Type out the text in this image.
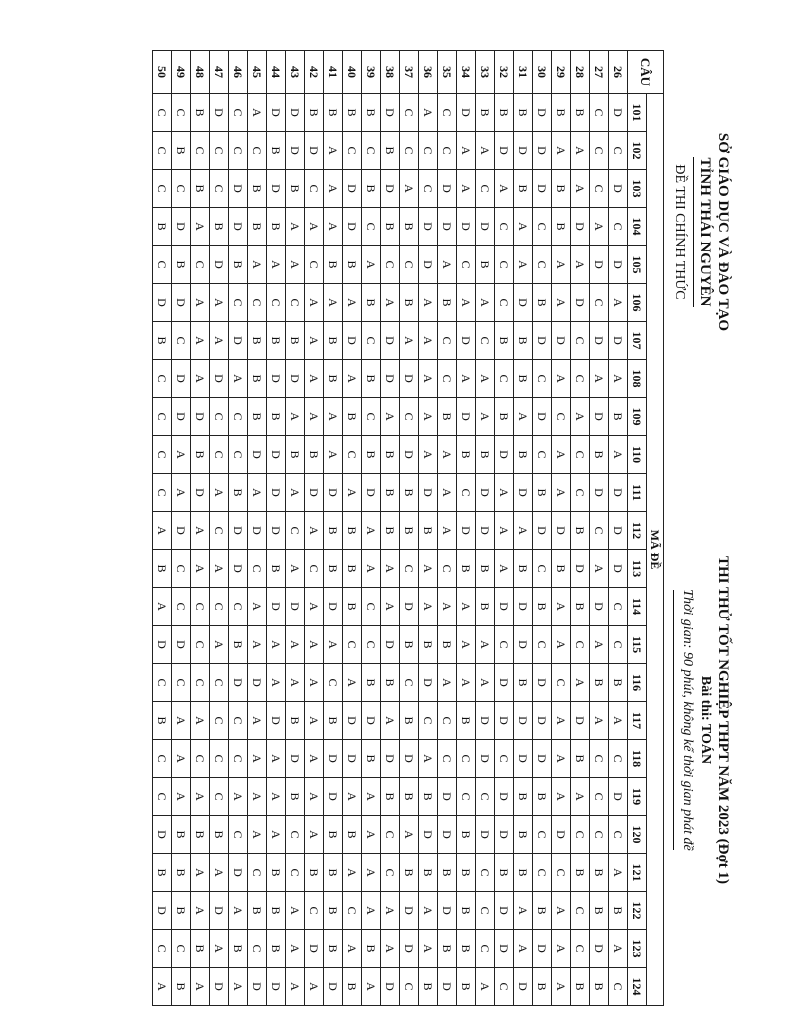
SỞ GIÁO DỤC VÀ ĐÀO TẠO
TỈNH THÁI NGUYÊN
ĐỀ THI CHÍNH THỨC
THI THỬ TỐT NGHIỆP THPT NĂM 2023 (Đợt 1)
Bài thi: TOÁN
Thời gian: 90 phút, không kể thời gian phát đề
CÂU	MÃ ĐỀ																							
	101	102	103	104	105	106	107	108	109	110	111	112	113	114	115	116	117	118	119	120	121	122	123	124
26	D	C	D	C	D	A	D	A	B	A	D	D	D	C	C	B	A	C	D	C	A	B	A	C
27	C	C	C	A	D	C	D	A	D	B	D	C	A	D	A	B	A	C	C	C	B	B	D	B
28	B	A	A	D	A	D	C	C	A	C	C	B	D	B	C	A	D	B	A	C	B	C	C	B
29	B	A	B	B	A	A	D	A	C	A	A	D	B	A	A	C	A	A	A	D	C	A	A	A
30	D	D	D	C	C	B	D	C	D	C	B	D	C	B	C	D	D	D	B	C	C	B	D	B
31	B	D	B	A	A	D	B	B	A	B	D	A	B	D	D	B	D	D	B	B	B	A	A	D
32	B	D	A	C	C	C	B	C	B	D	A	A	A	D	C	D	D	C	D	D	B	D	D	C
33	B	A	C	D	B	A	C	A	A	B	D	D	B	B	A	A	D	D	C	D	C	C	C	A
34	D	A	A	D	C	A	D	A	D	B	C	D	B	A	A	A	B	C	C	B	B	B	B	B
35	C	C	D	D	A	B	C	C	B	A	A	A	C	A	B	A	C	C	D	D	B	D	B	D
36	A	C	C	D	D	A	A	A	A	A	D	B	A	A	B	D	C	A	B	D	B	A	A	B
37	C	C	A	B	C	B	A	D	C	D	B	B	C	D	B	C	B	D	B	A	B	D	D	C
38	D	B	D	B	C	A	D	D	A	B	B	B	A	A	D	B	A	D	B	C	C	A	A	D
39	B	C	B	C	A	B	C	B	C	B	D	A	A	C	C	B	D	B	A	A	A	A	B	A
40	B	C	D	D	B	A	D	A	B	C	A	B	B	B	C	A	D	D	A	B	A	C	A	B
41	B	A	A	A	B	A	B	B	A	A	D	B	B	D	A	C	B	D	D	B	B	B	B	D
42	B	D	C	A	C	A	A	A	A	B	D	A	C	A	A	A	A	A	A	A	B	C	D	A
43	D	D	B	A	A	C	B	D	A	B	A	C	A	D	A	A	B	D	B	C	C	A	A	A
44	D	B	D	B	A	C	B	D	B	D	D	D	B	D	A	A	D	A	A	A	B	B	B	D
45	A	C	B	B	A	C	B	B	B	D	A	D	C	A	A	D	A	A	A	A	C	B	C	D
46	C	C	D	D	B	C	D	A	C	C	B	D	D	C	B	D	C	C	A	C	D	A	B	A
47	D	C	C	B	D	A	A	D	C	C	A	C	A	C	A	C	C	C	C	B	A	D	A	D
48	B	C	B	A	C	A	A	A	D	B	D	A	A	C	C	C	A	C	A	B	A	A	B	A
49	C	B	C	D	B	D	C	D	D	A	A	D	C	C	D	C	A	A	A	B	B	B	C	B
50	C	C	C	B	C	D	B	C	C	C	C	A	B	A	D	C	B	C	C	D	B	D	C	A
